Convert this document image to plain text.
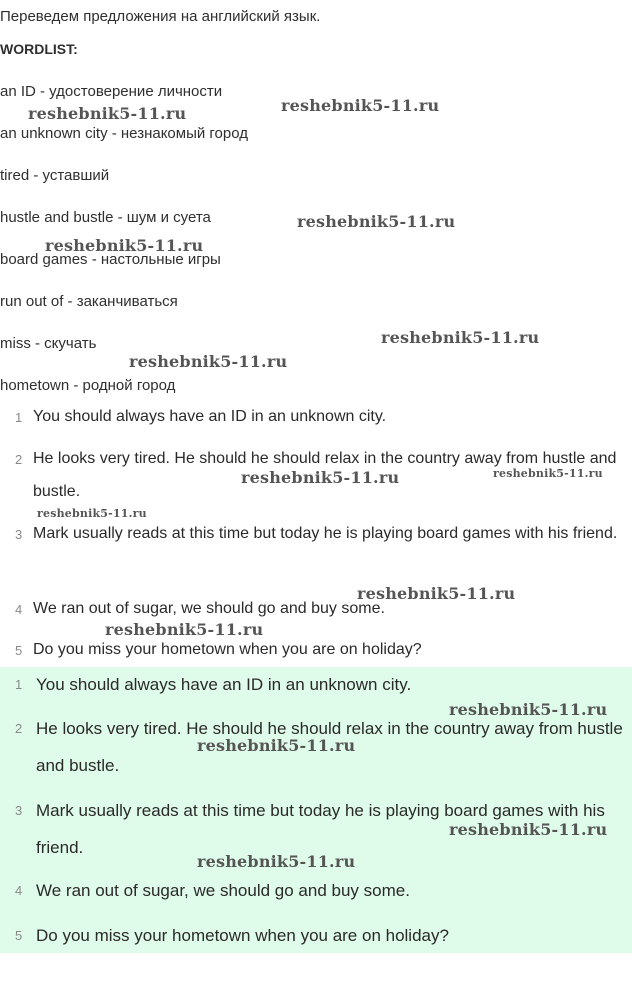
Переведем предложения на английский язык.
WORDLIST:
an ID - удостоверение личности
an unknown city - незнакомый город
tired - уставший
hustle and bustle - шум и суета
board games - настольные игры
run out of - заканчиваться
miss - скучать
hometown - родной город
1 You should always have an ID in an unknown city.
2 He looks very tired. He should he should relax in the country away from hustle and bustle.
3 Mark usually reads at this time but today he is playing board games with his friend.
4 We ran out of sugar, we should go and buy some.
5 Do you miss your hometown when you are on holiday?
1 You should always have an ID in an unknown city.
2 He looks very tired. He should he should relax in the country away from hustle and bustle.
3 Mark usually reads at this time but today he is playing board games with his friend.
4 We ran out of sugar, we should go and buy some.
5 Do you miss your hometown when you are on holiday?
reshebnik5-11.ru	reshebnik5-11.ru
reshebnik5-11.ru
reshebnik5-11.ru
reshebnik5-11.ru
reshebnik5-11.ru
reshebnik5-11.ru	reshebnik5-11.ru
reshebnik5-11.ru
reshebnik5-11.ru
reshebnik5-11.ru
reshebnik5-11.ru
reshebnik5-11.ru
reshebnik5-11.ru
reshebnik5-11.ru
